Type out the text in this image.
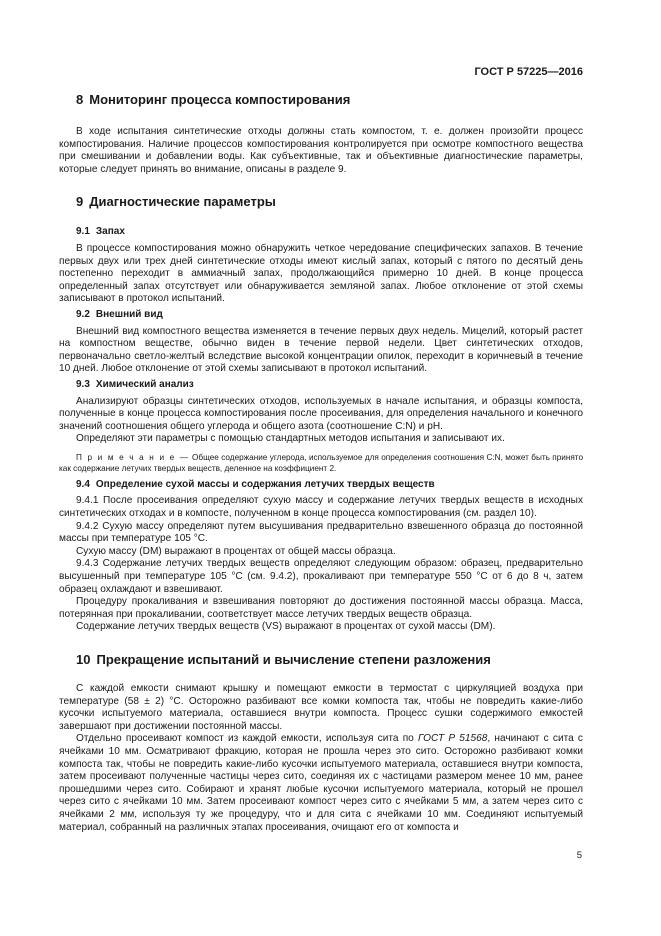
ГОСТ Р 57225—2016
8 Мониторинг процесса компостирования

В ходе испытания синтетические отходы должны стать компостом, т. е. должен произойти процесс компостирования. Наличие процессов компостирования контролируется при осмотре компостного вещества при смешивании и добавлении воды. Как субъективные, так и объективные диагностические параметры, которые следует принять во внимание, описаны в разделе 9.

9 Диагностические параметры
9.1 Запах

В процессе компостирования можно обнаружить четкое чередование специфических запахов. В течение первых двух или трех дней синтетические отходы имеют кислый запах, который с пятого по десятый день постепенно переходит в аммиачный запах, продолжающийся примерно 10 дней. В конце процесса определенный запах отсутствует или обнаруживается земляной запах. Любое отклонение от этой схемы записывают в протокол испытаний.

9.2 Внешний вид

Внешний вид компостного вещества изменяется в течение первых двух недель. Мицелий, который растет на компостном веществе, обычно виден в течение первой недели. Цвет синтетических отходов, первоначально светло-желтый вследствие высокой концентрации опилок, переходит в коричневый в течение 10 дней. Любое отклонение от этой схемы записывают в протокол испытаний.

9.3 Химический анализ

Анализируют образцы синтетических отходов, используемых в начале испытания, и образцы компоста, полученные в конце процесса компостирования после просеивания, для определения начального и конечного значений соотношения общего углерода и общего азота (соотношение C:N) и pH.

Определяют эти параметры с помощью стандартных методов испытания и записывают их.

П р и м е ч а н и е — Общее содержание углерода, используемое для определения соотношения C:N, может быть принято как содержание летучих твердых веществ, деленное на коэффициент 2.
9.4 Определение сухой массы и содержания летучих твердых веществ

9.4.1 После просеивания определяют сухую массу и содержание летучих твердых веществ в исходных синтетических отходах и в компосте, полученном в конце процесса компостирования (см. раздел 10).

9.4.2 Сухую массу определяют путем высушивания предварительно взвешенного образца до постоянной массы при температуре 105 °С.

Сухую массу (DM) выражают в процентах от общей массы образца.

9.4.3 Содержание летучих твердых веществ определяют следующим образом: образец, предварительно высушенный при температуре 105 °С (см. 9.4.2), прокаливают при температуре 550 °С от 6 до 8 ч, затем образец охлаждают и взвешивают.

Процедуру прокаливания и взвешивания повторяют до достижения постоянной массы образца. Масса, потерянная при прокаливании, соответствует массе летучих твердых веществ образца.

Содержание летучих твердых веществ (VS) выражают в процентах от сухой массы (DM).

10 Прекращение испытаний и вычисление степени разложения

С каждой емкости снимают крышку и помещают емкости в термостат с циркуляцией воздуха при температуре (58 ± 2) °С. Осторожно разбивают все комки компоста так, чтобы не повредить какие-либо кусочки испытуемого материала, оставшиеся внутри компоста. Процесс сушки содержимого емкостей завершают при достижении постоянной массы.

Отдельно просеивают компост из каждой емкости, используя сита по ГОСТ Р 51568, начинают с сита с ячейками 10 мм. Осматривают фракцию, которая не прошла через это сито. Осторожно разбивают комки компоста так, чтобы не повредить какие-либо кусочки испытуемого материала, оставшиеся внутри компоста, затем просеивают полученные частицы через сито, соединяя их с частицами размером менее 10 мм, ранее прошедшими через сито. Собирают и хранят любые кусочки испытуемого материала, который не прошел через сито с ячейками 10 мм. Затем просеивают компост через сито с ячейками 5 мм, а затем через сито с ячейками 2 мм, используя ту же процедуру, что и для сита с ячейками 10 мм. Соединяют испытуемый материал, собранный на различных этапах просеивания, очищают его от компоста и

5
